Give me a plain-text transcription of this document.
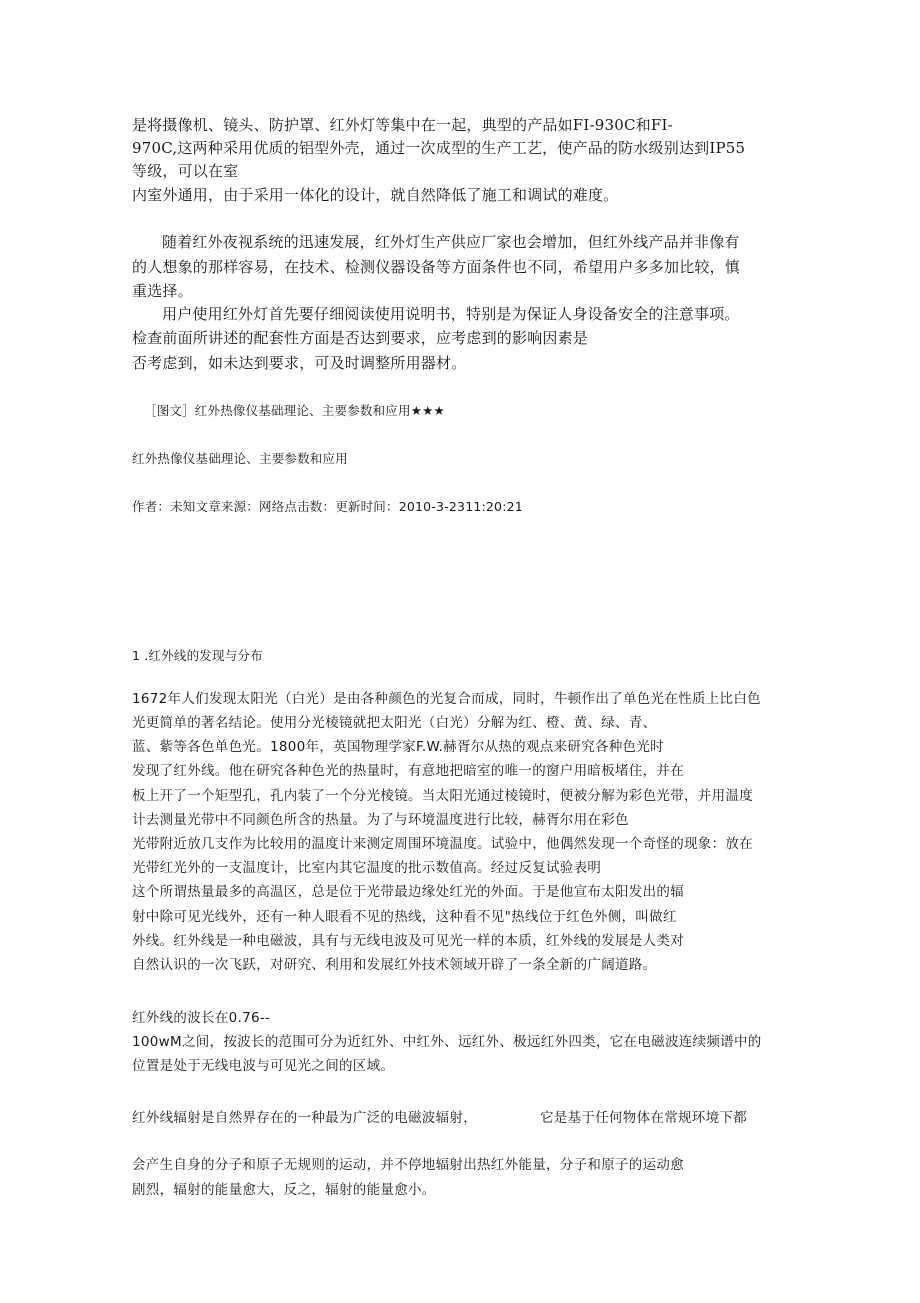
是将摄像机、镜头、防护罩、红外灯等集中在一起，典型的产品如FI-930C和FI-
970C,这两种采用优质的铝型外壳，通过一次成型的生产工艺，使产品的防水级别达到IP55
等级，可以在室
内室外通用，由于采用一体化的设计，就自然降低了施工和调试的难度。
随着红外夜视系统的迅速发展，红外灯生产供应厂家也会增加，但红外线产品并非像有
的人想象的那样容易，在技术、检测仪器设备等方面条件也不同，希望用户多多加比较，慎
重选择。
用户使用红外灯首先要仔细阅读使用说明书，特别是为保证人身设备安全的注意事项。
检查前面所讲述的配套性方面是否达到要求，应考虑到的影响因素是
否考虑到，如未达到要求，可及时调整所用器材。
［图文］红外热像仪基础理论、主要参数和应用★★★
红外热像仪基础理论、主要参数和应用
作者：未知文章来源：网络点击数：更新时间：2010-3-2311:20:21
1 .红外线的发现与分布
1672年人们发现太阳光（白光）是由各种颜色的光复合而成，同时，牛顿作出了单色光在性质上比白色
光更简单的著名结论。使用分光棱镜就把太阳光（白光）分解为红、橙、黄、绿、青、
蓝、紫等各色单色光。1800年，英国物理学家F.W.赫胥尔从热的观点来研究各种色光时
发现了红外线。他在研究各种色光的热量时，有意地把暗室的唯一的窗户用暗板堵住，并在
板上开了一个矩型孔，孔内装了一个分光棱镜。当太阳光通过棱镜时，便被分解为彩色光带，并用温度
计去测量光带中不同颜色所含的热量。为了与环境温度进行比较，赫胥尔用在彩色
光带附近放几支作为比较用的温度计来测定周围环境温度。试验中，他偶然发现一个奇怪的现象：放在
光带红光外的一支温度计，比室内其它温度的批示数值高。经过反复试验表明
这个所谓热量最多的高温区，总是位于光带最边缘处红光的外面。于是他宣布太阳发出的辐
射中除可见光线外，还有一种人眼看不见的热线，这种看不见"热线位于红色外侧，叫做红
外线。红外线是一种电磁波，具有与无线电波及可见光一样的本质，红外线的发展是人类对
自然认识的一次飞跃，对研究、利用和发展红外技术领域开辟了一条全新的广阔道路。
红外线的波长在0.76--
100wM之间，按波长的范围可分为近红外、中红外、远红外、极远红外四类，它在电磁波连续频谱中的
位置是处于无线电波与可见光之间的区域。
红外线辐射是自然界存在的一种最为广泛的电磁波辐射，	它是基于任何物体在常规环境下都
会产生自身的分子和原子无规则的运动，并不停地辐射出热红外能量，分子和原子的运动愈
剧烈，辐射的能量愈大，反之，辐射的能量愈小。
